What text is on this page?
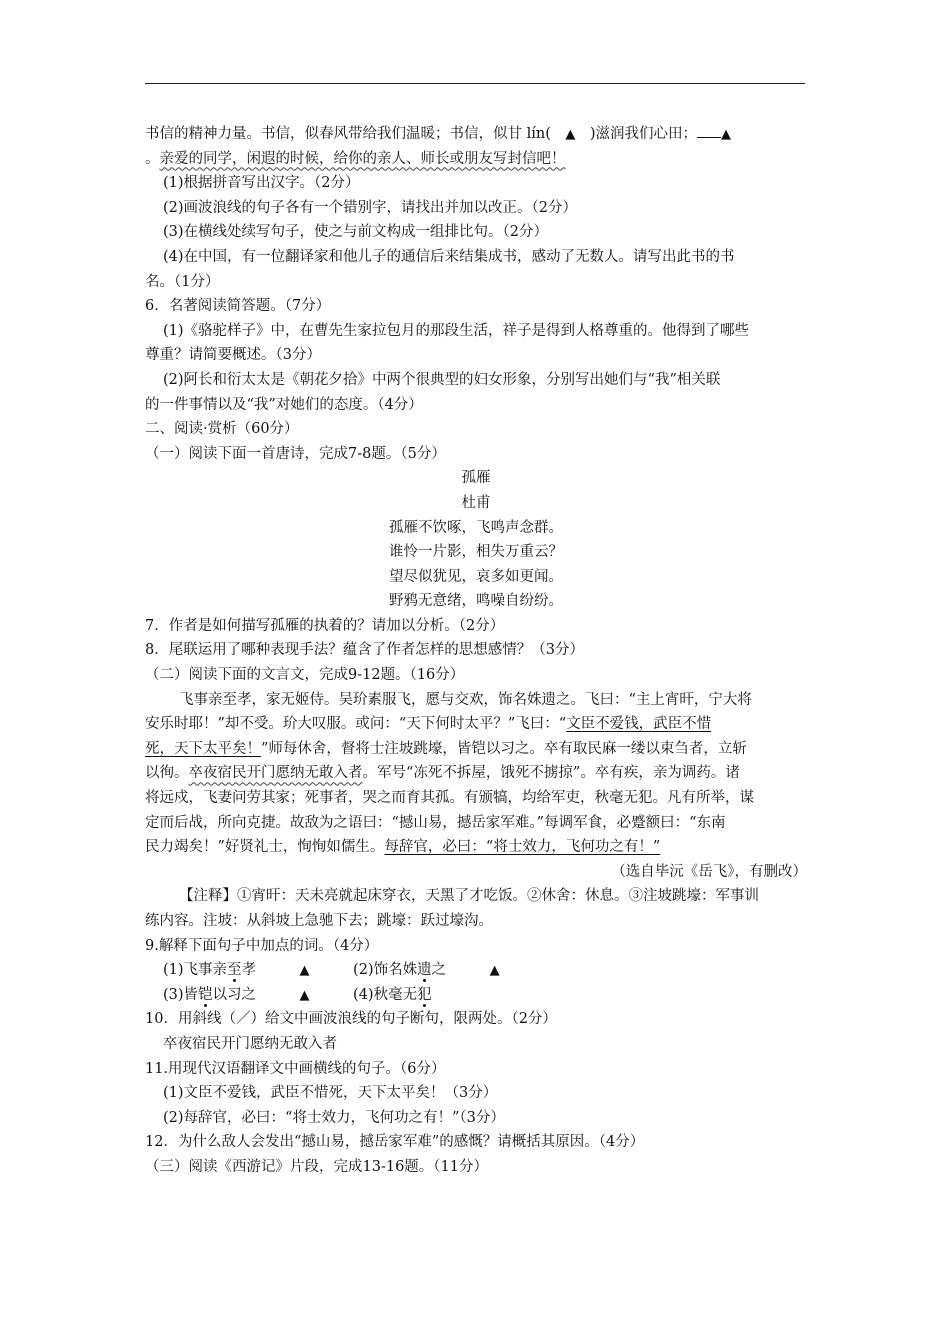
书信的精神力量。书信，似春风带给我们温暖；书信，似甘 lín(　▲　)滋润我们心田； ▲
。亲爱的同学，闲遐的时候，给你的亲人、师长或朋友写封信吧！
(1)根据拼音写出汉字。（2分）
(2)画波浪线的句子各有一个错别字，请找出并加以改正。（2分）
(3)在横线处续写句子，使之与前文构成一组排比句。（2分）
(4)在中国，有一位翻译家和他儿子的通信后来结集成书，感动了无数人。请写出此书的书
名。（1分）
6．名著阅读简答题。（7分）
(1)《骆驼样子》中，在曹先生家拉包月的那段生活，祥子是得到人格尊重的。他得到了哪些
尊重？请简要概述。（3分）
(2)阿长和衍太太是《朝花夕拾》中两个很典型的妇女形象，分别写出她们与“我”相关联
的一件事情以及“我”对她们的态度。（4分）
二、阅读·赏析（60分）
（一）阅读下面一首唐诗，完成7-8题。（5分）
孤雁
杜甫
孤雁不饮啄，飞鸣声念群。
谁怜一片影，相失万重云？
望尽似犹见，哀多如更闻。
野鸦无意绪，鸣噪自纷纷。
7．作者是如何描写孤雁的执着的？请加以分析。（2分）
8．尾联运用了哪种表现手法？蕴含了作者怎样的思想感情？（3分）
（二）阅读下面的文言文，完成9-12题。（16分）
飞事亲至孝，家无姬侍。吴玠素服飞，愿与交欢，饰名姝遗之。飞曰：“主上宵旰，宁大将
安乐时耶！”却不受。玠大叹服。或问：“天下何时太平？”飞曰：“文臣不爱钱，武臣不惜
死，天下太平矣！”师每休舍，督将士注坡跳壕，皆铠以习之。卒有取民麻一缕以束刍者，立斩
以徇。卒夜宿民开门愿纳无敢入者。军号“冻死不拆屋，饿死不掳掠”。卒有疾，亲为调药。诸
将远戍，飞妻问劳其家；死事者，哭之而育其孤。有颁犒，均给军吏，秋毫无犯。凡有所举，谋
定而后战，所向克捷。故敌为之语曰：“撼山易，撼岳家军难。”每调军食，必蹙额曰：“东南
民力竭矣！”好贤礼士，恂恂如儒生。每辞官，必曰：“将士效力，飞何功之有！”
（选自毕沅《岳飞》，有删改）
【注释】①宵旰：天未亮就起床穿衣，天黑了才吃饭。②休舍：休息。③注坡跳壕：军事训
练内容。注坡：从斜坡上急驰下去；跳壕：跃过壕沟。
9.解释下面句子中加点的词。（4分）
(1)飞事亲至孝　　　▲　　　(2)饰名姝遗之　　　▲
(3)皆铠以习之　　　▲　　　(4)秋毫无犯
10．用斜线（／）给文中画波浪线的句子断句，限两处。（2分）
卒夜宿民开门愿纳无敢入者
11.用现代汉语翻译文中画横线的句子。（6分）
(1)文臣不爱钱，武臣不惜死，天下太平矣！（3分）
(2)每辞官，必曰：“将士效力，飞何功之有！”（3分）
12．为什么敌人会发出“撼山易，撼岳家军难”的感慨？请概括其原因。（4分）
（三）阅读《西游记》片段，完成13-16题。（11分）
